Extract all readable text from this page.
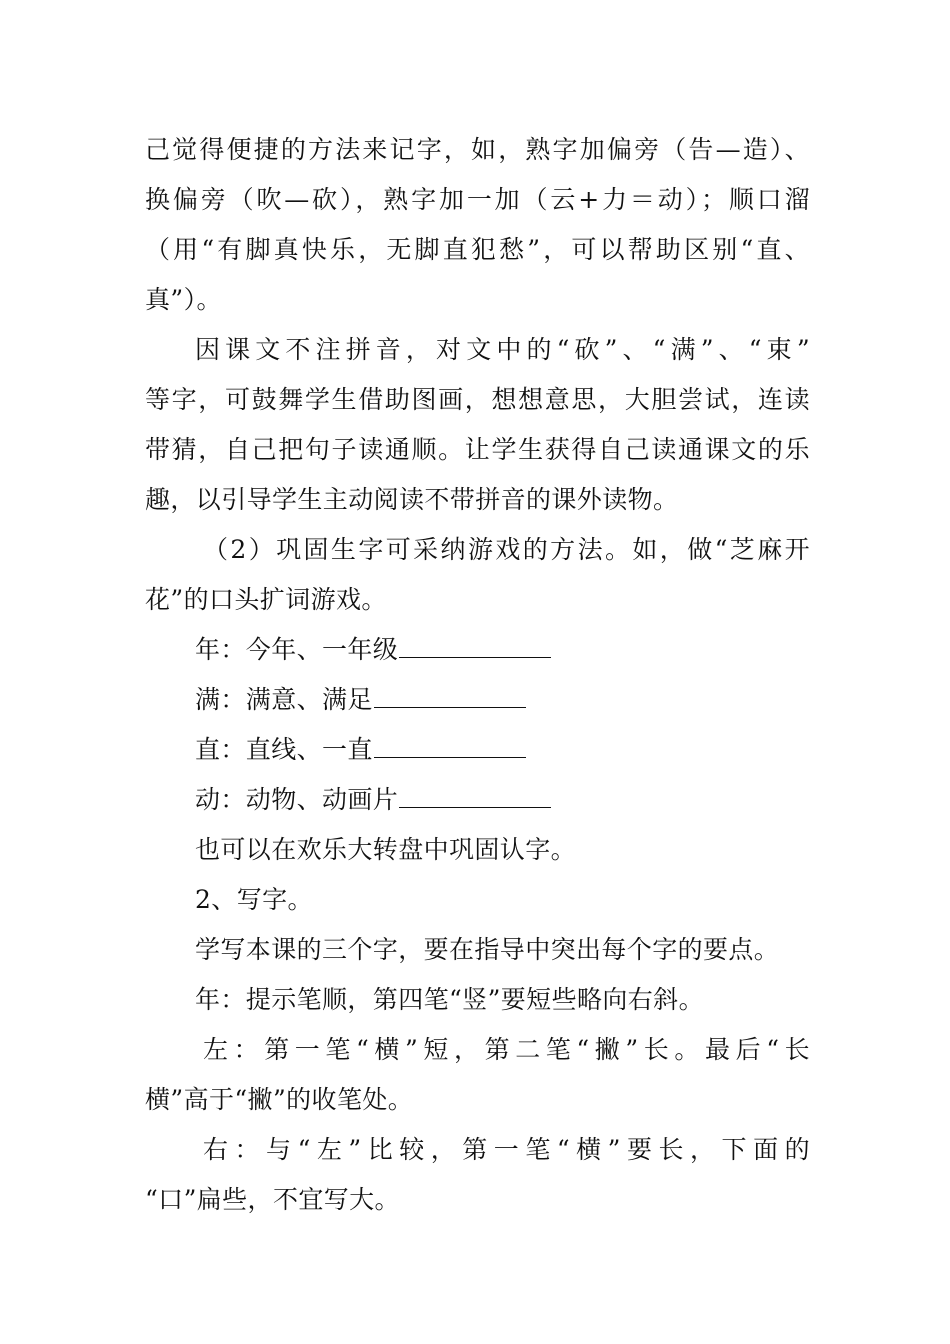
己觉得便捷的方法来记字，如，熟字加偏旁（告—造）、
换偏旁（吹—砍），熟字加一加（云+力＝动）；顺口溜
（用“有脚真快乐，无脚直犯愁”，可以帮助区别“直、
真”）。
因课文不注拼音，对文中的“砍”、“满”、“束”
等字，可鼓舞学生借助图画，想想意思，大胆尝试，连读
带猜，自己把句子读通顺。让学生获得自己读通课文的乐
趣，以引导学生主动阅读不带拼音的课外读物。
（2）巩固生字可采纳游戏的方法。如，做“芝麻开
花”的口头扩词游戏。
年：今年、一年级
满：满意、满足
直：直线、一直
动：动物、动画片
也可以在欢乐大转盘中巩固认字。
2、写字。
学写本课的三个字，要在指导中突出每个字的要点。
年：提示笔顺，第四笔“竖”要短些略向右斜。
左：第一笔“横”短，第二笔“撇”长。最后“长
横”高于“撇”的收笔处。
右：与“左”比较，第一笔“横”要长，下面的
“口”扁些，不宜写大。
